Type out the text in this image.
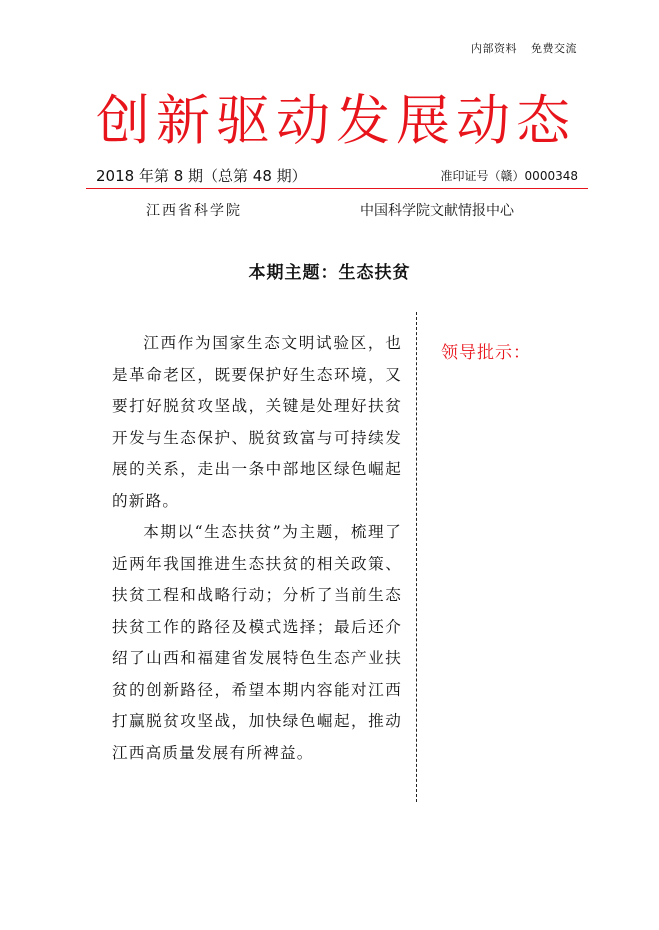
内部资料 免费交流
创新驱动发展动态
2018 年第 8 期（总第 48 期）	准印证号（赣）0000348
江西省科学院	中国科学院文献情报中心
本期主题：生态扶贫

江西作为国家生态文明试验区，也是革命老区，既要保护好生态环境，又要打好脱贫攻坚战，关键是处理好扶贫开发与生态保护、脱贫致富与可持续发展的关系，走出一条中部地区绿色崛起的新路。

本期以“生态扶贫”为主题，梳理了近两年我国推进生态扶贫的相关政策、扶贫工程和战略行动；分析了当前生态扶贫工作的路径及模式选择；最后还介绍了山西和福建省发展特色生态产业扶贫的创新路径，希望本期内容能对江西打赢脱贫攻坚战，加快绿色崛起，推动江西高质量发展有所裨益。

领导批示：
